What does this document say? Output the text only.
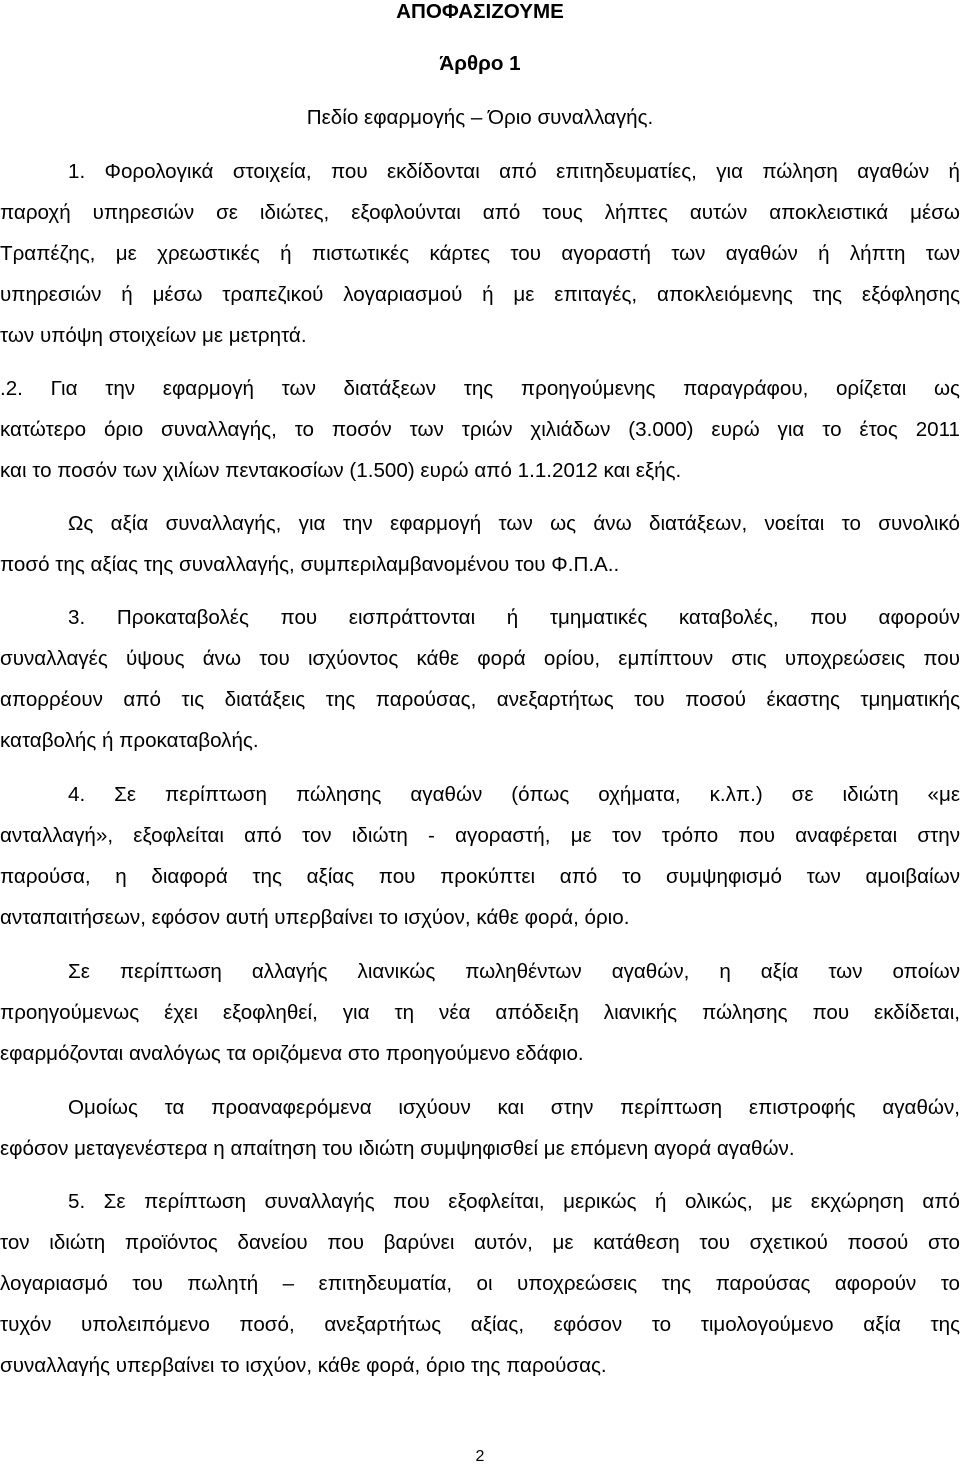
ΑΠΟΦΑΣΙΖΟΥΜΕ

Άρθρο 1

Πεδίο εφαρμογής – Όριο συναλλαγής.

1. Φορολογικά στοιχεία, που εκδίδονται από επιτηδευματίες, για πώληση αγαθών ή

παροχή υπηρεσιών σε ιδιώτες, εξοφλούνται από τους λήπτες αυτών αποκλειστικά μέσω

Τραπέζης, με χρεωστικές ή πιστωτικές κάρτες του αγοραστή των αγαθών ή λήπτη των

υπηρεσιών ή μέσω τραπεζικού λογαριασμού ή με επιταγές, αποκλειόμενης της εξόφλησης

των υπόψη στοιχείων με μετρητά.

.2. Για την εφαρμογή των διατάξεων της προηγούμενης παραγράφου, ορίζεται ως

κατώτερο όριο συναλλαγής, το ποσόν των τριών χιλιάδων (3.000) ευρώ για το έτος 2011

και το ποσόν των χιλίων πεντακοσίων (1.500) ευρώ από 1.1.2012 και εξής.

Ως αξία συναλλαγής, για την εφαρμογή των ως άνω διατάξεων, νοείται το συνολικό

ποσό της αξίας της συναλλαγής, συμπεριλαμβανομένου του Φ.Π.Α..

3. Προκαταβολές που εισπράττονται ή τμηματικές καταβολές, που αφορούν

συναλλαγές ύψους άνω του ισχύοντος κάθε φορά ορίου, εμπίπτουν στις υποχρεώσεις που

απορρέουν από τις διατάξεις της παρούσας, ανεξαρτήτως του ποσού έκαστης τμηματικής

καταβολής ή προκαταβολής.

4. Σε περίπτωση πώλησης αγαθών (όπως οχήματα, κ.λπ.) σε ιδιώτη «με

ανταλλαγή», εξοφλείται από τον ιδιώτη - αγοραστή, με τον τρόπο που αναφέρεται στην

παρούσα, η διαφορά της αξίας που προκύπτει από το συμψηφισμό των αμοιβαίων

ανταπαιτήσεων, εφόσον αυτή υπερβαίνει το ισχύον, κάθε φορά, όριο.

Σε περίπτωση αλλαγής λιανικώς πωληθέντων αγαθών, η αξία των οποίων

προηγούμενως έχει εξοφληθεί, για τη νέα απόδειξη λιανικής πώλησης που εκδίδεται,

εφαρμόζονται αναλόγως τα οριζόμενα στο προηγούμενο εδάφιο.

Ομοίως τα προαναφερόμενα ισχύουν και στην περίπτωση επιστροφής αγαθών,

εφόσον μεταγενέστερα η απαίτηση του ιδιώτη συμψηφισθεί με επόμενη αγορά αγαθών.

5. Σε περίπτωση συναλλαγής που εξοφλείται, μερικώς ή ολικώς, με εκχώρηση από

τον ιδιώτη προϊόντος δανείου που βαρύνει αυτόν, με κατάθεση του σχετικού ποσού στο

λογαριασμό του πωλητή – επιτηδευματία, οι υποχρεώσεις της παρούσας αφορούν το

τυχόν υπολειπόμενο ποσό, ανεξαρτήτως αξίας, εφόσον το τιμολογούμενο αξία της

συναλλαγής υπερβαίνει το ισχύον, κάθε φορά, όριο της παρούσας.

2
